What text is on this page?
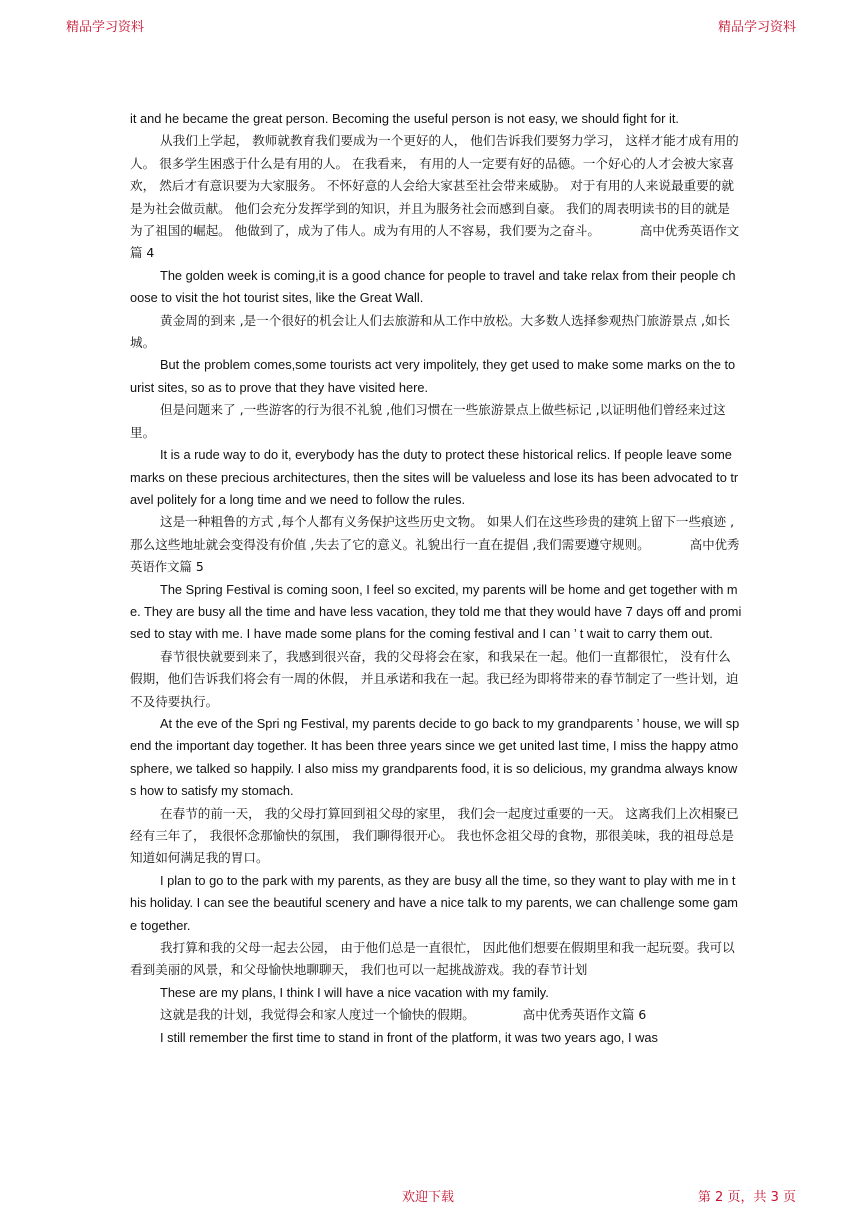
精品学习资料	精品学习资料

it and he became the great person. Becoming the useful person is not easy, we should fight for it.

从我们上学起， 教师就教育我们要成为一个更好的人， 他们告诉我们要努力学习， 这样才能才成有用的人。 很多学生困惑于什么是有用的人。 在我看来， 有用的人一定要有好的品德。一个好心的人才会被大家喜欢， 然后才有意识要为大家服务。 不怀好意的人会给大家甚至社会带来威胁。 对于有用的人来说最重要的就是为社会做贡献。 他们会充分发挥学到的知识，并且为服务社会而感到自豪。 我们的周表明读书的目的就是为了祖国的崛起。 他做到了，成为了伟人。成为有用的人不容易，我们要为之奋斗。	高中优秀英语作文篇 4

The golden week is coming,it is a good chance for people to travel and take relax from their people choose to visit the hot tourist sites, like the Great Wall.

黄金周的到来 ,是一个很好的机会让人们去旅游和从工作中放松。大多数人选择参观热门旅游景点 ,如长城。

But the problem comes,some tourists act very impolitely, they get used to make some marks on the tourist sites, so as to prove that they have visited here.

但是问题来了 ,一些游客的行为很不礼貌 ,他们习惯在一些旅游景点上做些标记 ,以证明他们曾经来过这里。

It is a rude way to do it, everybody has the duty to protect these historical relics. If people leave some marks on these precious architectures, then the sites will be valueless and lose its has been advocated to travel politely for a long time and we need to follow the rules.

这是一种粗鲁的方式 ,每个人都有义务保护这些历史文物。 如果人们在这些珍贵的建筑上留下一些痕迹 ,那么这些地址就会变得没有价值 ,失去了它的意义。礼貌出行一直在提倡 ,我们需要遵守规则。	高中优秀英语作文篇 5

The Spring Festival is coming soon, I feel so excited, my parents will be home and get together with me. They are busy all the time and have less vacation, they told me that they would have 7 days off and promised to stay with me. I have made some plans for the coming festival and I can ’ t wait to carry them out.

春节很快就要到来了，我感到很兴奋，我的父母将会在家，和我呆在一起。他们一直都很忙， 没有什么假期，他们告诉我们将会有一周的休假， 并且承诺和我在一起。我已经为即将带来的春节制定了一些计划，迫不及待要执行。

At the eve of the Spri ng Festival, my parents decide to go back to my grandparents ’ house, we will spend the important day together. It has been three years since we get united last time, I miss the happy atmosphere, we talked so happily. I also miss my grandparents food, it is so delicious, my grandma always knows how to satisfy my stomach.

在春节的前一天， 我的父母打算回到祖父母的家里， 我们会一起度过重要的一天。 这离我们上次相聚已经有三年了， 我很怀念那愉快的氛围， 我们聊得很开心。 我也怀念祖父母的食物，那很美味，我的祖母总是知道如何满足我的胃口。

I plan to go to the park with my parents, as they are busy all the time, so they want to play with me in this holiday. I can see the beautiful scenery and have a nice talk to my parents, we can challenge some game together.

我打算和我的父母一起去公园， 由于他们总是一直很忙， 因此他们想要在假期里和我一起玩耍。我可以看到美丽的风景，和父母愉快地聊聊天， 我们也可以一起挑战游戏。我的春节计划

These are my plans, I think I will have a nice vacation with my family.

这就是我的计划，我觉得会和家人度过一个愉快的假期。	高中优秀英语作文篇 6

I still remember the first time to stand in front of the platform, it was two years ago, I was

欢迎下载	第 2 页，共 3 页
